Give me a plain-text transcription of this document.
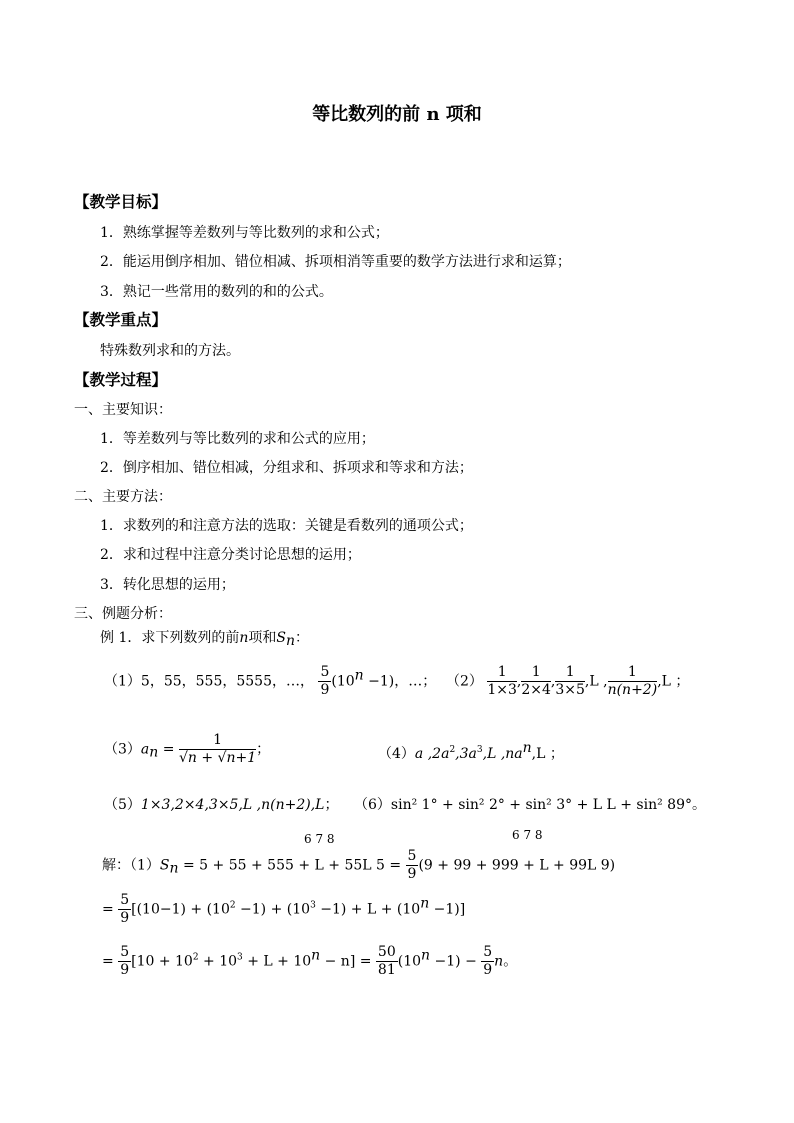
等比数列的前 n 项和
【教学目标】
1．熟练掌握等差数列与等比数列的求和公式；
2．能运用倒序相加、错位相减、拆项相消等重要的数学方法进行求和运算；
3．熟记一些常用的数列的和的公式。
【教学重点】
特殊数列求和的方法。
【教学过程】
一、主要知识：
1．等差数列与等比数列的求和公式的应用；
2．倒序相加、错位相减，分组求和、拆项求和等求和方法；
二、主要方法：
1．求数列的和注意方法的选取：关键是看数列的通项公式；
2．求和过程中注意分类讨论思想的运用；
3．转化思想的运用；
三、例题分析：
例 1．求下列数列的前n项和$S_n$：
（1）5，55，555，5555，…， $\frac{5}{9} (10^n -1)$，…； $(2) \frac{1}{1\times 3}$ , $\frac{1}{2\times 4}$ , $\frac{1}{3\times 5} ,L$ , $\frac{1}{n(n+2)} ,L$ ；
$(3)a_n = \frac{1}{√n + √n+1}$ ；	（4）a $,2a^2,3a^3,L$ $,na^n,L$ ；
（5）1×3,2×4,3×5,L ,n(n+2),L； （6）sin² 1° + sin² 2° + sin² 3° + L L + sin² 89°。
6 7 8	6 7 8
解：$(1)S_n = 5 + 55 + 555 + L + 55L$ $5 = \frac{5}{9} (9 + 99 + 999 + L + 99L$ 9)
= $\frac{5}{9} [(10-1) + (10^2 -1) + (10^3 -1) + L + (10^n -1)]$
= $\frac{5}{9} [10 + 10^2 + 10^3 + L + 10^n - n] = \frac{50}{81} (10^n -1) - \frac{5}{9}$ n。
